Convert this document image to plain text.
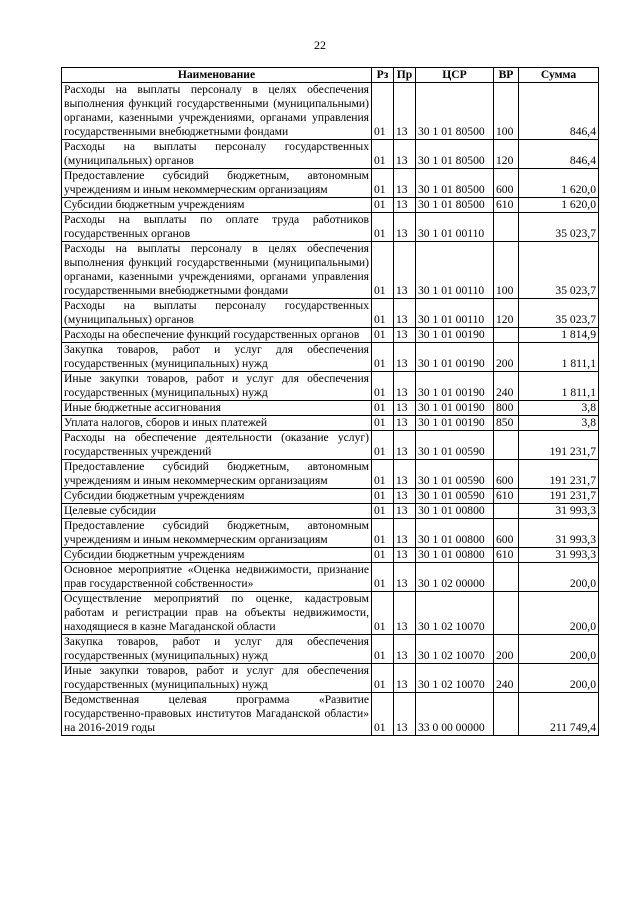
22
Наименование	Рз	Пр	ЦСР	ВР	Сумма
Расходы на выплаты персоналу в целях обеспечения выполнения функций государственными (муниципальными) органами, казенными учреждениями, органами управления государственными внебюджетными фондами	01	13	30 1 01 80500	100	846,4
Расходы на выплаты персоналу государственных (муниципальных) органов	01	13	30 1 01 80500	120	846,4
Предоставление субсидий бюджетным, автономным учреждениям и иным некоммерческим организациям	01	13	30 1 01 80500	600	1 620,0
Субсидии бюджетным учреждениям	01	13	30 1 01 80500	610	1 620,0
Расходы на выплаты по оплате труда работников государственных органов	01	13	30 1 01 00110		35 023,7
Расходы на выплаты персоналу в целях обеспечения выполнения функций государственными (муниципальными) органами, казенными учреждениями, органами управления государственными внебюджетными фондами	01	13	30 1 01 00110	100	35 023,7
Расходы на выплаты персоналу государственных (муниципальных) органов	01	13	30 1 01 00110	120	35 023,7
Расходы на обеспечение функций государственных органов	01	13	30 1 01 00190		1 814,9
Закупка товаров, работ и услуг для обеспечения государственных (муниципальных) нужд	01	13	30 1 01 00190	200	1 811,1
Иные закупки товаров, работ и услуг для обеспечения государственных (муниципальных) нужд	01	13	30 1 01 00190	240	1 811,1
Иные бюджетные ассигнования	01	13	30 1 01 00190	800	3,8
Уплата налогов, сборов и иных платежей	01	13	30 1 01 00190	850	3,8
Расходы на обеспечение деятельности (оказание услуг) государственных учреждений	01	13	30 1 01 00590		191 231,7
Предоставление субсидий бюджетным, автономным учреждениям и иным некоммерческим организациям	01	13	30 1 01 00590	600	191 231,7
Субсидии бюджетным учреждениям	01	13	30 1 01 00590	610	191 231,7
Целевые субсидии	01	13	30 1 01 00800		31 993,3
Предоставление субсидий бюджетным, автономным учреждениям и иным некоммерческим организациям	01	13	30 1 01 00800	600	31 993,3
Субсидии бюджетным учреждениям	01	13	30 1 01 00800	610	31 993,3
Основное мероприятие «Оценка недвижимости, признание прав государственной собственности»	01	13	30 1 02 00000		200,0
Осуществление мероприятий по оценке, кадастровым работам и регистрации прав на объекты недвижимости, находящиеся в казне Магаданской области	01	13	30 1 02 10070		200,0
Закупка товаров, работ и услуг для обеспечения государственных (муниципальных) нужд	01	13	30 1 02 10070	200	200,0
Иные закупки товаров, работ и услуг для обеспечения государственных (муниципальных) нужд	01	13	30 1 02 10070	240	200,0
Ведомственная целевая программа «Развитие государственно-правовых институтов Магаданской области» на 2016-2019 годы	01	13	33 0 00 00000		211 749,4
